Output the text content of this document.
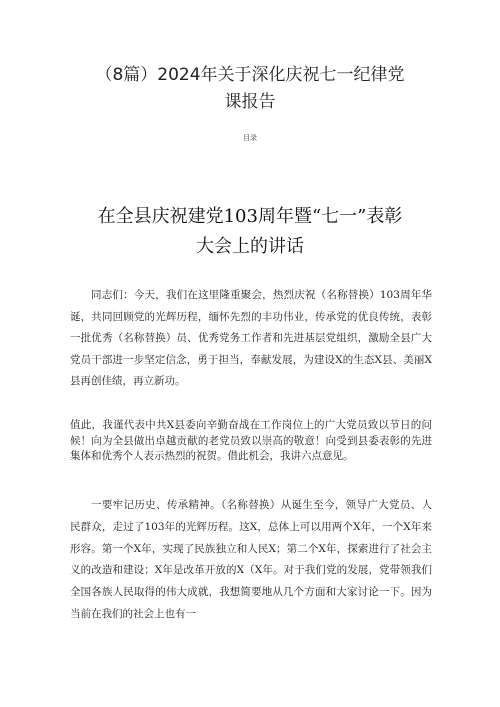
（8篇）2024年关于深化庆祝七一纪律党
课报告
目录
在全县庆祝建党103周年暨“七一”表彰
大会上的讲话
同志们：今天，我们在这里隆重聚会，热烈庆祝（名称替换）103周年华诞，共同回顾党的光辉历程，缅怀先烈的丰功伟业，传承党的优良传统，表彰一批优秀（名称替换）员、优秀党务工作者和先进基层党组织，激励全县广大党员干部进一步坚定信念，勇于担当，奉献发展，为建设X的生态X县、美丽X县再创佳绩，再立新功。
值此，我谨代表中共X县委向辛勤奋战在工作岗位上的广大党员致以节日的问候！向为全县做出卓越贡献的老党员致以崇高的敬意！向受到县委表彰的先进集体和优秀个人表示热烈的祝贺。借此机会，我讲六点意见。
一要牢记历史、传承精神。（名称替换）从诞生至今，领导广大党员、人民群众，走过了103年的光辉历程。这X，总体上可以用两个X年，一个X年来形容。第一个X年，实现了民族独立和人民X；第二个X年，探索进行了社会主义的改造和建设；X年是改革开放的X（X年。对于我们党的发展，党带领我们全国各族人民取得的伟大成就，我想简要地从几个方面和大家讨论一下。因为当前在我们的社会上也有一
